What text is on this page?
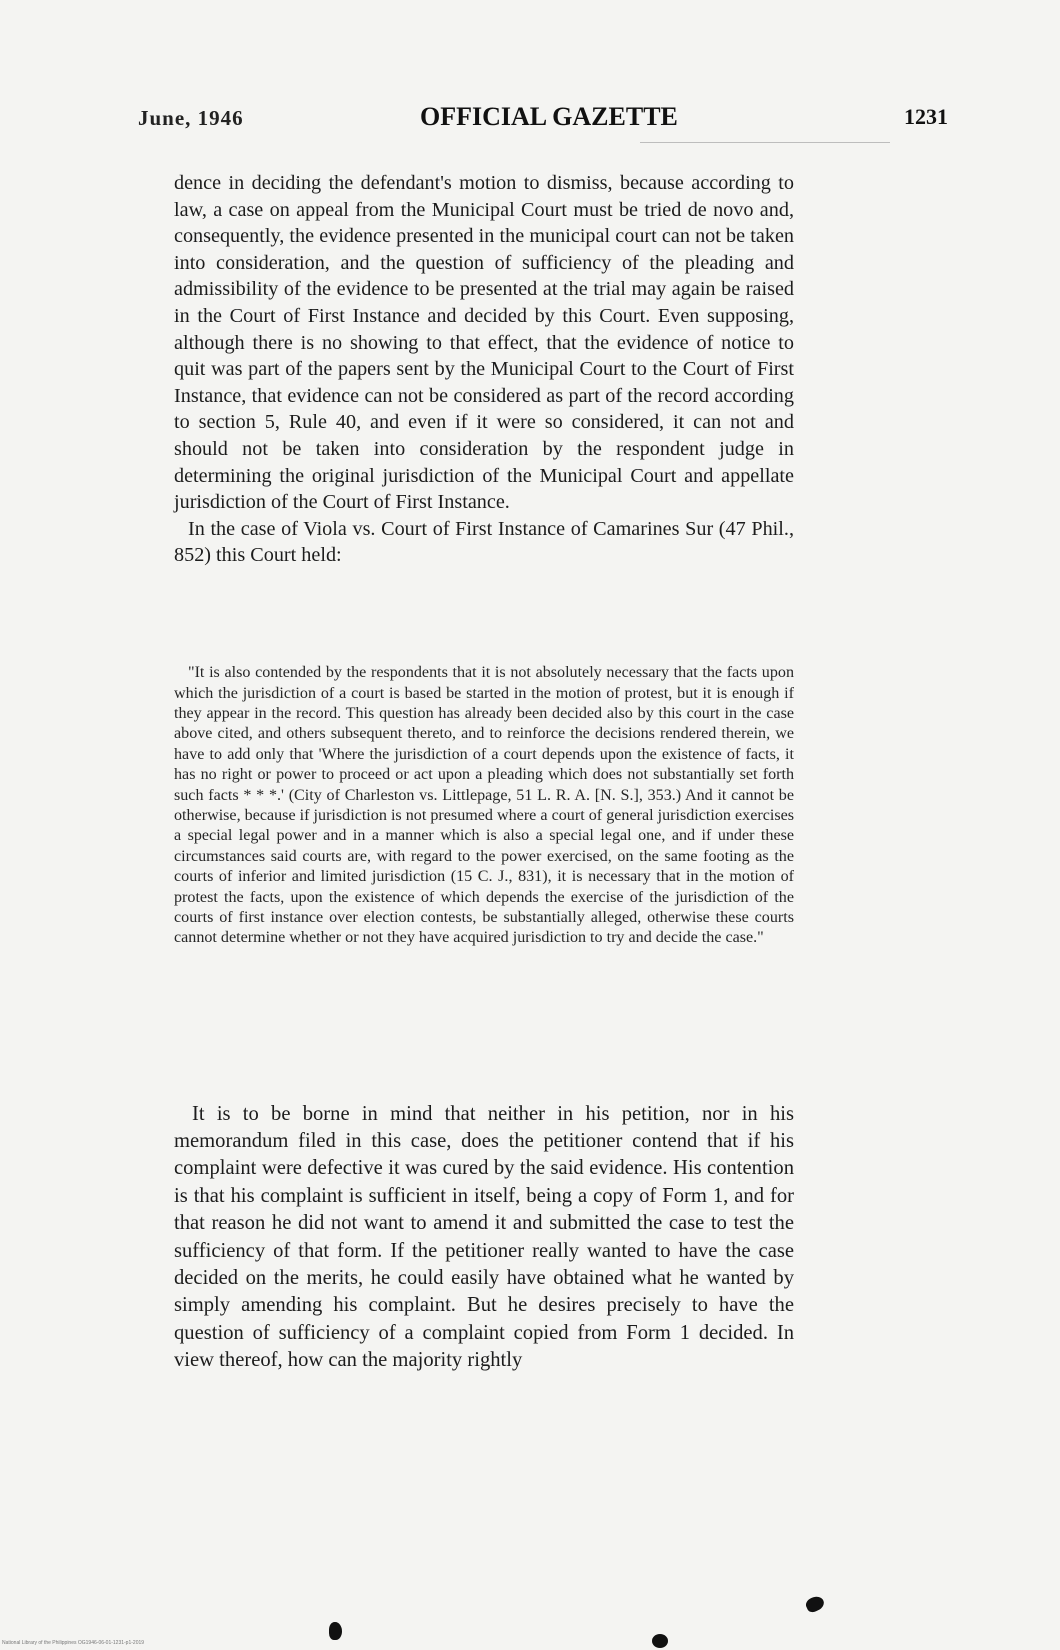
June, 1946	OFFICIAL GAZETTE	1231

dence in deciding the defendant's motion to dismiss, because according to law, a case on appeal from the Municipal Court must be tried de novo and, consequently, the evidence presented in the municipal court can not be taken into consideration, and the question of sufficiency of the pleading and admissibility of the evidence to be presented at the trial may again be raised in the Court of First Instance and decided by this Court. Even supposing, although there is no showing to that effect, that the evidence of notice to quit was part of the papers sent by the Municipal Court to the Court of First Instance, that evidence can not be considered as part of the record according to section 5, Rule 40, and even if it were so considered, it can not and should not be taken into consideration by the respondent judge in determining the original jurisdiction of the Municipal Court and appellate jurisdiction of the Court of First Instance.

In the case of Viola vs. Court of First Instance of Camarines Sur (47 Phil., 852) this Court held:

"It is also contended by the respondents that it is not absolutely necessary that the facts upon which the jurisdiction of a court is based be started in the motion of protest, but it is enough if they appear in the record. This question has already been decided also by this court in the case above cited, and others subsequent thereto, and to reinforce the decisions rendered therein, we have to add only that 'Where the jurisdiction of a court depends upon the existence of facts, it has no right or power to proceed or act upon a pleading which does not substantially set forth such facts * * *.' (City of Charleston vs. Littlepage, 51 L. R. A. [N. S.], 353.) And it cannot be otherwise, because if jurisdiction is not presumed where a court of general jurisdiction exercises a special legal power and in a manner which is also a special legal one, and if under these circumstances said courts are, with regard to the power exercised, on the same footing as the courts of inferior and limited jurisdiction (15 C. J., 831), it is necessary that in the motion of protest the facts, upon the existence of which depends the exercise of the jurisdiction of the courts of first instance over election contests, be substantially alleged, otherwise these courts cannot determine whether or not they have acquired jurisdiction to try and decide the case."

It is to be borne in mind that neither in his petition, nor in his memorandum filed in this case, does the petitioner contend that if his complaint were defective it was cured by the said evidence. His contention is that his complaint is sufficient in itself, being a copy of Form 1, and for that reason he did not want to amend it and submitted the case to test the sufficiency of that form. If the petitioner really wanted to have the case decided on the merits, he could easily have obtained what he wanted by simply amending his complaint. But he desires precisely to have the question of sufficiency of a complaint copied from Form 1 decided. In view thereof, how can the majority rightly

National Library of the Philippines OG1946-06-01-1231-p1-2019
